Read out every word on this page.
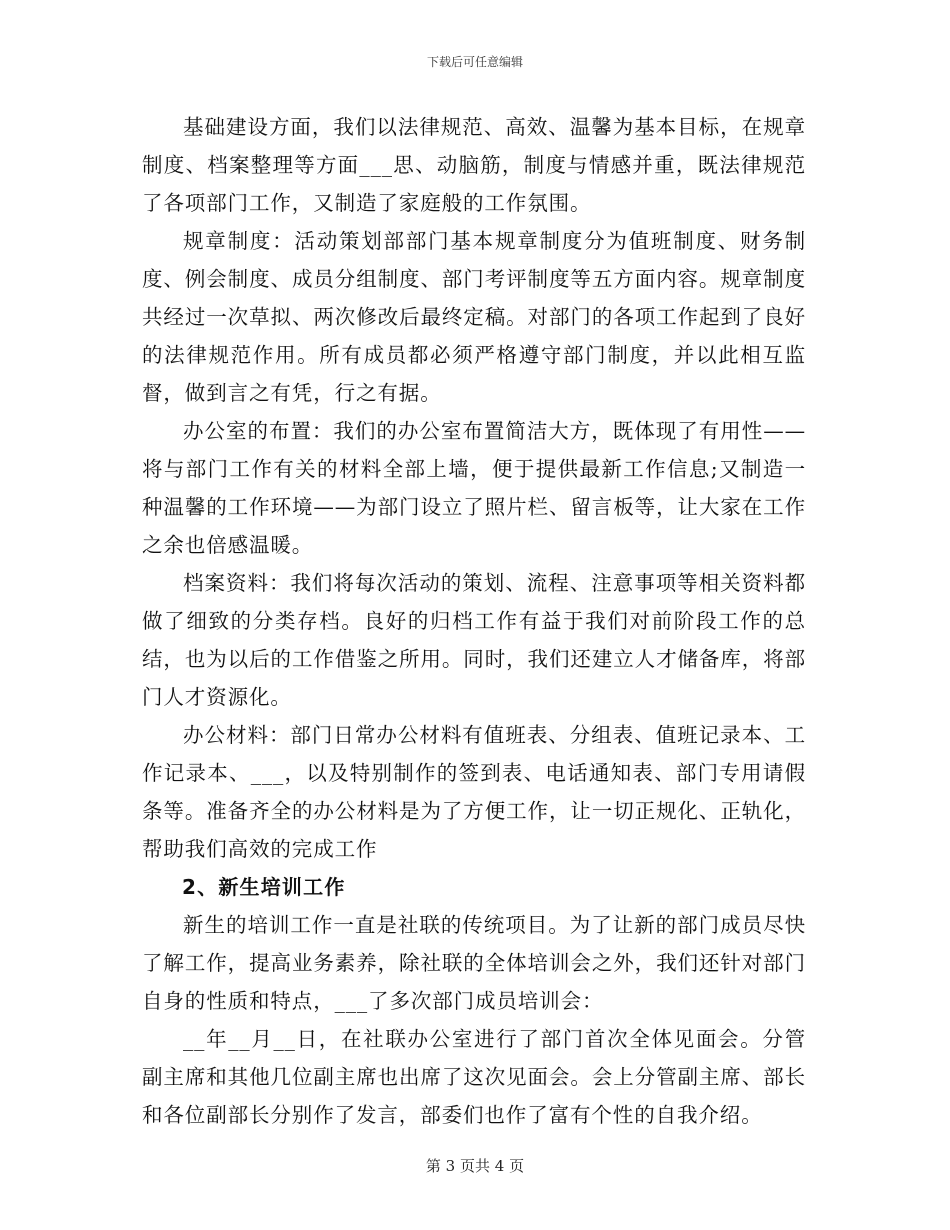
下载后可任意编辑

基础建设方面，我们以法律规范、高效、温馨为基本目标，在规章制度、档案整理等方面___思、动脑筋，制度与情感并重，既法律规范了各项部门工作，又制造了家庭般的工作氛围。

规章制度：活动策划部部门基本规章制度分为值班制度、财务制度、例会制度、成员分组制度、部门考评制度等五方面内容。规章制度共经过一次草拟、两次修改后最终定稿。对部门的各项工作起到了良好的法律规范作用。所有成员都必须严格遵守部门制度，并以此相互监督，做到言之有凭，行之有据。

办公室的布置：我们的办公室布置简洁大方，既体现了有用性——将与部门工作有关的材料全部上墙，便于提供最新工作信息;又制造一种温馨的工作环境——为部门设立了照片栏、留言板等，让大家在工作之余也倍感温暖。

档案资料：我们将每次活动的策划、流程、注意事项等相关资料都做了细致的分类存档。良好的归档工作有益于我们对前阶段工作的总结，也为以后的工作借鉴之所用。同时，我们还建立人才储备库，将部门人才资源化。

办公材料：部门日常办公材料有值班表、分组表、值班记录本、工作记录本、___，以及特别制作的签到表、电话通知表、部门专用请假条等。准备齐全的办公材料是为了方便工作，让一切正规化、正轨化，帮助我们高效的完成工作

2、新生培训工作

新生的培训工作一直是社联的传统项目。为了让新的部门成员尽快了解工作，提高业务素养，除社联的全体培训会之外，我们还针对部门自身的性质和特点，___了多次部门成员培训会：

__年__月__日，在社联办公室进行了部门首次全体见面会。分管副主席和其他几位副主席也出席了这次见面会。会上分管副主席、部长和各位副部长分别作了发言，部委们也作了富有个性的自我介绍。

第 3 页共 4 页
